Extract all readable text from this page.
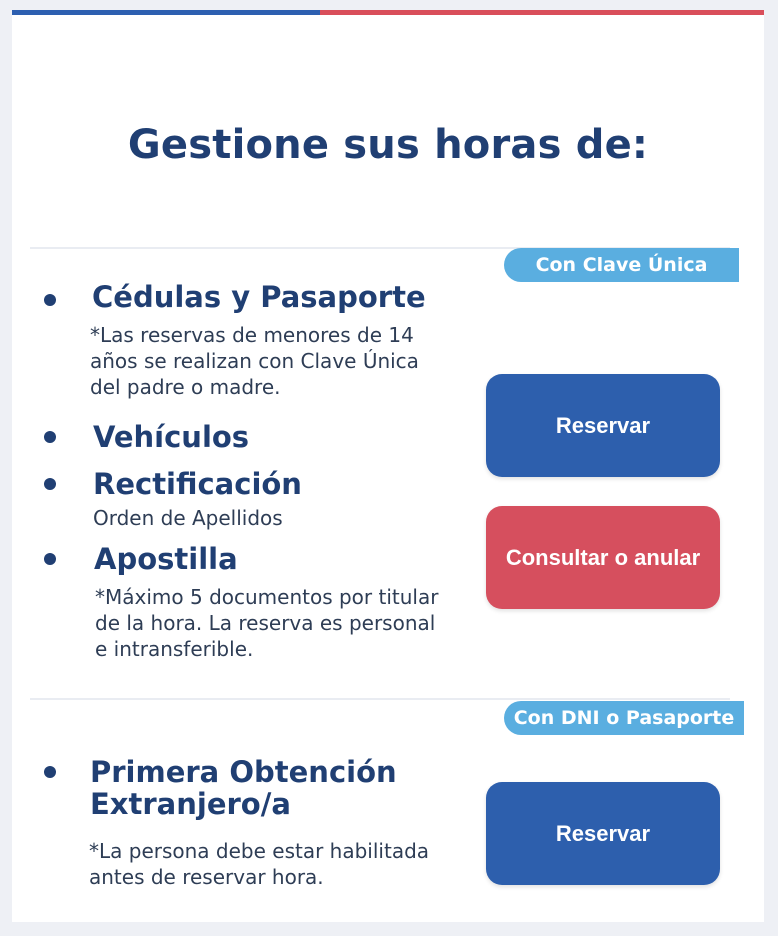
Gestione sus horas de:
Con Clave Única
Cédulas y Pasaporte
*Las reservas de menores de 14 años se realizan con Clave Única del padre o madre.
Vehículos
Rectificación
Orden de Apellidos
Apostilla
*Máximo 5 documentos por titular de la hora. La reserva es personal e intransferible.
Reservar
Consultar o anular
Con DNI o Pasaporte
Primera Obtención Extranjero/a
*La persona debe estar habilitada antes de reservar hora.
Reservar
